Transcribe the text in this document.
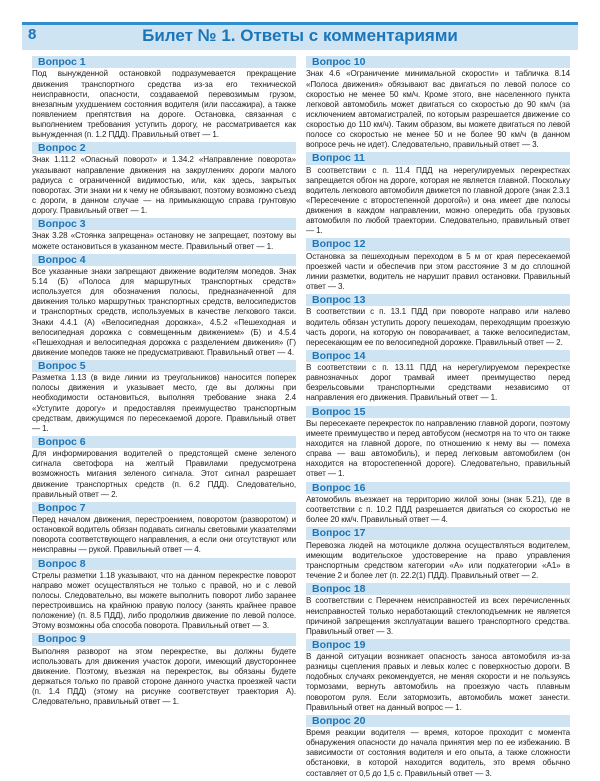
8	Билет № 1. Ответы с комментариями
Вопрос 1
Под вынужденной остановкой подразумевается прекращение движения транспортного средства из-за его технической неисправности, опасности, создаваемой перевозимым грузом, внезапным ухудшением состояния водителя (или пассажира), а также появлением препятствия на дороге. Остановка, связанная с выполнением требования уступить дорогу, не рассматривается как вынужденная (п. 1.2 ПДД). Правильный ответ — 1.
Вопрос 2
Знак 1.11.2 «Опасный поворот» и 1.34.2 «Направление поворота» указывают направление движения на закруглениях дороги малого радиуса с ограниченной видимостью, или, как здесь, закрытых поворотах. Эти знаки ни к чему не обязывают, поэтому возможно съезд с дороги, в данном случае — на примыкающую справа грунтовую дорогу. Правильный ответ — 1.
Вопрос 3
Знак 3.28 «Стоянка запрещена» остановку не запрещает, поэтому вы можете остановиться в указанном месте. Правильный ответ — 1.
Вопрос 4
Все указанные знаки запрещают движение водителям мопедов. Знак 5.14 (Б) «Полоса для маршрутных транспортных средств» используется для обозначения полосы, предназначенной для движения только маршрутных транспортных средств, велосипедистов и транспортных средств, используемых в качестве легкового такси. Знаки 4.4.1 (А) «Велосипедная дорожка», 4.5.2 «Пешеходная и велосипедная дорожка с совмещенным движением» (Б) и 4.5.4 «Пешеходная и велосипедная дорожка с разделением движения» (Г) движение мопедов также не предусматривают. Правильный ответ — 4.
Вопрос 5
Разметка 1.13 (в виде линии из треугольников) наносится поперек полосы движения и указывает место, где вы должны при необходимости остановиться, выполняя требование знака 2.4 «Уступите дорогу» и предоставляя преимущество транспортным средствам, движущимся по пересекаемой дороге. Правильный ответ — 1.
Вопрос 6
Для информирования водителей о предстоящей смене зеленого сигнала светофора на желтый Правилами предусмотрена возможность мигания зеленого сигнала. Этот сигнал разрешает движение транспортных средств (п. 6.2 ПДД). Следовательно, правильный ответ — 2.
Вопрос 7
Перед началом движения, перестроением, поворотом (разворотом) и остановкой водитель обязан подавать сигналы световыми указателями поворота соответствующего направления, а если они отсутствуют или неисправны — рукой. Правильный ответ — 4.
Вопрос 8
Стрелы разметки 1.18 указывают, что на данном перекрестке поворот направо может осуществляться не только с правой, но и с левой полосы. Следовательно, вы можете выполнить поворот либо заранее перестроившись на крайнюю правую полосу (занять крайнее правое положение) (п. 8.5 ПДД), либо продолжив движение по левой полосе. Этому возможны оба способа поворота. Правильный ответ — 3.
Вопрос 9
Выполняя разворот на этом перекрестке, вы должны будете использовать для движения участок дороги, имеющий двустороннее движение. Поэтому, въезжая на перекресток, вы обязаны будете держаться только по правой стороне данного участка проезжей части (п. 1.4 ПДД) (этому на рисунке соответствует траектория А). Следовательно, правильный ответ — 1.
Вопрос 10
Знак 4.6 «Ограничение минимальной скорости» и табличка 8.14 «Полоса движения» обязывают вас двигаться по левой полосе со скоростью не менее 50 км/ч. Кроме этого, вне населенного пункта легковой автомобиль может двигаться со скоростью до 90 км/ч (за исключением автомагистралей, по которым разрешается движение со скоростью до 110 км/ч). Таким образом, вы можете двигаться по левой полосе со скоростью не менее 50 и не более 90 км/ч (в данном вопросе речь не идет). Следовательно, правильный ответ — 3.
Вопрос 11
В соответствии с п. 11.4 ПДД на нерегулируемых перекрестках запрещается обгон на дороге, которая не является главной. Поскольку водитель легкового автомобиля движется по главной дороге (знак 2.3.1 «Пересечение с второстепенной дорогой») и она имеет две полосы движения в каждом направлении, можно опередить оба грузовых автомобиля по любой траектории. Следовательно, правильный ответ — 1.
Вопрос 12
Остановка за пешеходным переходом в 5 м от края пересекаемой проезжей части и обеспечив при этом расстояние 3 м до сплошной линии разметки, водитель не нарушит правил остановки. Правильный ответ — 3.
Вопрос 13
В соответствии с п. 13.1 ПДД при повороте направо или налево водитель обязан уступить дорогу пешеходам, переходящим проезжую часть дороги, на которую он поворачивает, а также велосипедистам, пересекающим ее по велосипедной дорожке. Правильный ответ — 2.
Вопрос 14
В соответствии с п. 13.11 ПДД на нерегулируемом перекрестке равнозначных дорог трамвай имеет преимущество перед безрельсовыми транспортными средствами независимо от направления его движения. Правильный ответ — 1.
Вопрос 15
Вы пересекаете перекресток по направлению главной дороги, поэтому имеете преимущество и перед автобусом (несмотря на то что он также находится на главной дороге, по отношению к нему вы — помеха справа — ваш автомобиль), и перед легковым автомобилем (он находится на второстепенной дороге). Следовательно, правильный ответ — 1.
Вопрос 16
Автомобиль въезжает на территорию жилой зоны (знак 5.21), где в соответствии с п. 10.2 ПДД разрешается двигаться со скоростью не более 20 км/ч. Правильный ответ — 4.
Вопрос 17
Перевозка людей на мотоцикле должна осуществляться водителем, имеющим водительское удостоверение на право управления транспортным средством категории «А» или подкатегории «А1» в течение 2 и более лет (п. 22.2(1) ПДД). Правильный ответ — 2.
Вопрос 18
В соответствии с Перечнем неисправностей из всех перечисленных неисправностей только неработающий стеклоподъемник не является причиной запрещения эксплуатации вашего транспортного средства. Правильный ответ — 3.
Вопрос 19
В данной ситуации возникает опасность заноса автомобиля из-за разницы сцепления правых и левых колес с поверхностью дороги. В подобных случаях рекомендуется, не меняя скорости и не пользуясь тормозами, вернуть автомобиль на проезжую часть плавным поворотом руля. Если затормозить, автомобиль может занести. Правильный ответ на данный вопрос — 1.
Вопрос 20
Время реакции водителя — время, которое проходит с момента обнаружения опасности до начала принятия мер по ее избежанию. В зависимости от состояния водителя и его опыта, а также сложности обстановки, в которой находится водитель, это время обычно составляет от 0,5 до 1,5 с. Правильный ответ — 3.
